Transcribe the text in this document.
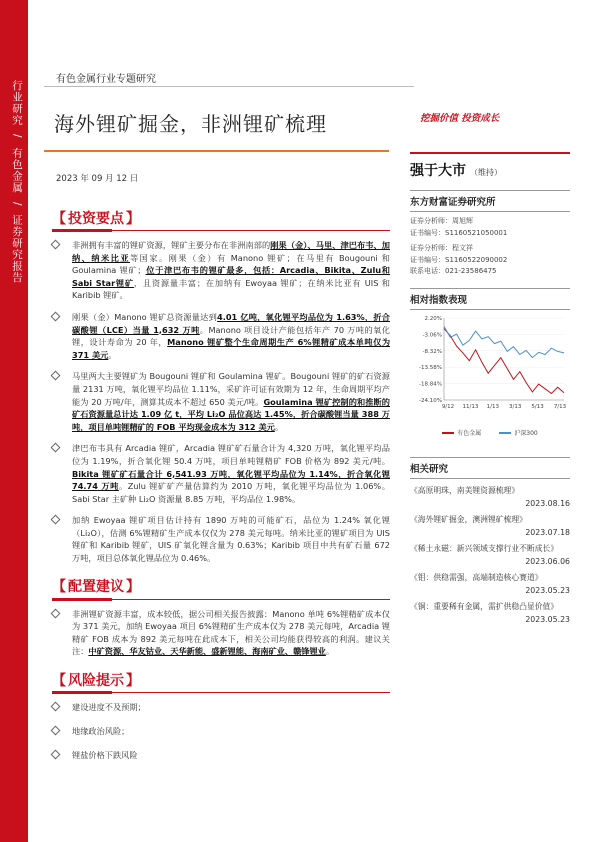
行业研究 / 有色金属 / 证券研究报告
有色金属行业专题研究
海外锂矿掘金，非洲锂矿梳理	挖掘价值 投资成长
2023 年 09 月 12 日
【 投资要点 】
非洲拥有丰富的锂矿资源，锂矿主要分布在非洲南部的刚果（金）、马里、津巴布韦、加纳、纳米比亚等国家。刚果（金）有 Manono 锂矿；在马里有 Bougouni 和 Goulamina 锂矿；位于津巴布韦的锂矿最多，包括：Arcadia、Bikita、Zulu和Sabi Star锂矿，且资源量丰富；在加纳有 Ewoyaa 锂矿；在纳米比亚有 UIS 和 Karibib 锂矿。
刚果（金）Manono 锂矿总资源量达到4.01 亿吨，氧化锂平均品位为 1.63%，折合碳酸锂（LCE）当量 1,632 万吨。Manono 项目设计产能包括年产 70 万吨的氧化锂，设计寿命为 20 年，Manono 锂矿整个生命周期生产 6%锂精矿成本单吨仅为 371 美元。
马里两大主要锂矿为 Bougouni 锂矿和 Goulamina 锂矿。Bougouni 锂矿的矿石资源量 2131 万吨，氧化锂平均品位 1.11%，采矿许可证有效期为 12 年，生命周期平均产能为 20 万吨/年，测算其成本不超过 650 美元/吨。Goulamina 锂矿控制的和推断的矿石资源量总计达 1.09 亿 t，平均 Li₂O 品位高达 1.45%，折合碳酸锂当量 388 万吨，项目单吨锂精矿的 FOB 平均现金成本为 312 美元。
津巴布韦具有 Arcadia 锂矿，Arcadia 锂矿矿石量合计为 4,320 万吨，氧化锂平均品位为 1.19%，折合氧化锂 50.4 万吨，项目单吨锂精矿 FOB 价格为 892 美元/吨。Bikita 锂矿矿石量合计 6,541.93 万吨，氧化锂平均品位为 1.14%，折合氧化锂 74.74 万吨。Zulu 锂矿矿产量估算约为 2010 万吨，氧化锂平均品位为 1.06%。Sabi Star 主矿种 Li₂O 资源量 8.85 万吨，平均品位 1.98%。
加纳 Ewoyaa 锂矿项目估计持有 1890 万吨的可能矿石，品位为 1.24% 氧化锂（Li₂O），估测 6%锂精矿生产成本仅仅为 278 美元每吨。纳米比亚的锂矿项目为 UIS 锂矿和 Karibib 锂矿，UIS 矿氧化锂含量为 0.63%；Karibib 项目中共有矿石量 672 万吨，项目总体氧化锂品位为 0.46%。
【 配置建议 】
非洲锂矿资源丰富，成本较低，据公司相关报告披露：Manono 单吨 6%锂精矿成本仅为 371 美元，加纳 Ewoyaa 项目 6%锂精矿生产成本仅为 278 美元每吨，Arcadia 锂精矿 FOB 成本为 892 美元每吨在此成本下，相关公司均能获得较高的利润。建议关注：中矿资源、华友钴业、天华新能、盛新锂能、海南矿业、赣锋锂业。
【 风险提示 】
建设进度不及预期；
地缘政治风险；
锂盐价格下跌风险
强于大市 （维持）
东方财富证券研究所
证券分析师：周旭辉
证书编号：S1160521050001
证券分析师：程文祥
证书编号：S1160522090002
联系电话：021-23586475
相对指数表现
2.20%
-3.06%
-8.32%
-13.58%
-18.84%
-24.10%
9/12 11/13 1/13 3/13 5/13 7/13
有色金属	沪深300
相关研究
《高原明珠，南美锂资源梳理》
2023.08.16
《海外锂矿掘金，澳洲锂矿梳理》
2023.07.18
《稀土永磁：新兴领域支撑行业不断成长》
2023.06.06
《钼：供稳需强，高端制造核心赛道》
2023.05.23
《铜：重要稀有金属，需扩供稳凸显价值》
2023.05.23
